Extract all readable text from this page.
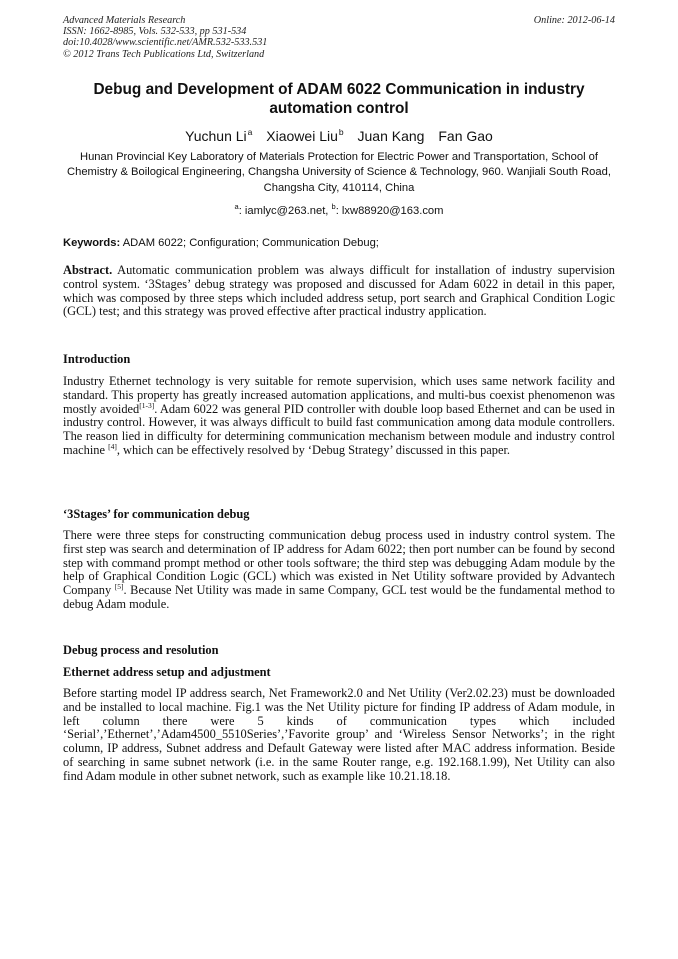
Advanced Materials Research
ISSN: 1662-8985, Vols. 532-533, pp 531-534
doi:10.4028/www.scientific.net/AMR.532-533.531
© 2012 Trans Tech Publications Ltd, Switzerland
Online: 2012-06-14
Debug and Development of ADAM 6022 Communication in industry automation control
Yuchun Li$^a$ Xiaowei Liu$^b$ Juan Kang Fan Gao
Hunan Provincial Key Laboratory of Materials Protection for Electric Power and Transportation, School of Chemistry & Boilogical Engineering, Changsha University of Science & Technology, 960. Wanjiali South Road, Changsha City, 410114, China
$^a$: iamlyc@263.net, $^b$: lxw88920@163.com
Keywords: ADAM 6022; Configuration; Communication Debug;
Abstract. Automatic communication problem was always difficult for installation of industry supervision control system. ‘3Stages’ debug strategy was proposed and discussed for Adam 6022 in detail in this paper, which was composed by three steps which included address setup, port search and Graphical Condition Logic (GCL) test; and this strategy was proved effective after practical industry application.
Introduction
Industry Ethernet technology is very suitable for remote supervision, which uses same network facility and standard. This property has greatly increased automation applications, and multi-bus coexist phenomenon was mostly avoided[1-3]. Adam 6022 was general PID controller with double loop based Ethernet and can be used in industry control. However, it was always difficult to build fast communication among data module controllers. The reason lied in difficulty for determining communication mechanism between module and industry control machine [4], which can be effectively resolved by ‘Debug Strategy’ discussed in this paper.
‘3Stages’ for communication debug
There were three steps for constructing communication debug process used in industry control system. The first step was search and determination of IP address for Adam 6022; then port number can be found by second step with command prompt method or other tools software; the third step was debugging Adam module by the help of Graphical Condition Logic (GCL) which was existed in Net Utility software provided by Advantech Company [5]. Because Net Utility was made in same Company, GCL test would be the fundamental method to debug Adam module.
Debug process and resolution
Ethernet address setup and adjustment
Before starting model IP address search, Net Framework2.0 and Net Utility (Ver2.02.23) must be downloaded and be installed to local machine. Fig.1 was the Net Utility picture for finding IP address of Adam module, in left column there were 5 kinds of communication types which included ‘Serial’,’Ethernet’,’Adam4500_5510Series’,’Favorite group’ and ‘Wireless Sensor Networks’; in the right column, IP address, Subnet address and Default Gateway were listed after MAC address information. Beside of searching in same subnet network (i.e. in the same Router range, e.g. 192.168.1.99), Net Utility can also find Adam module in other subnet network, such as example like 10.21.18.18.
